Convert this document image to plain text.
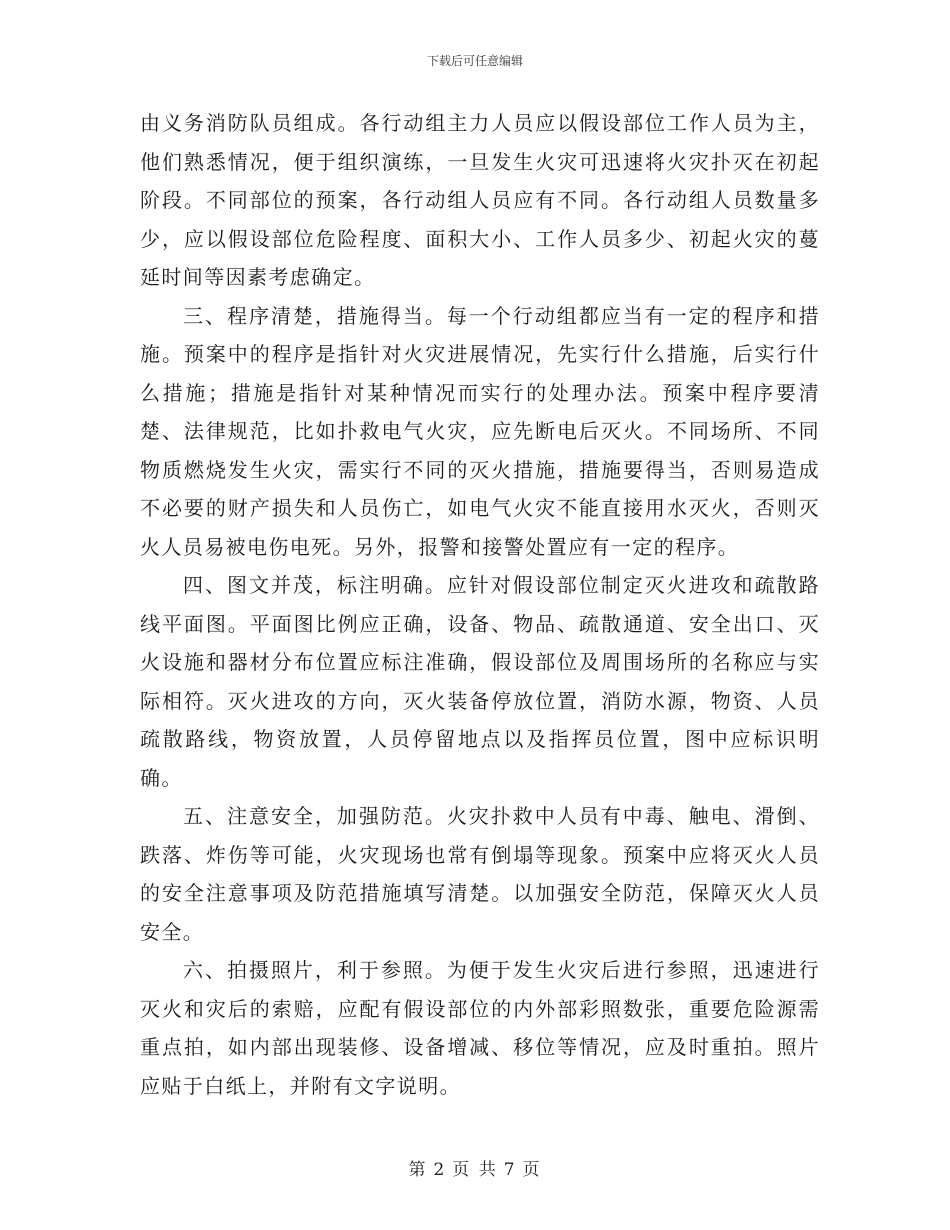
下载后可任意编辑

由义务消防队员组成。各行动组主力人员应以假设部位工作人员为主，他们熟悉情况，便于组织演练，一旦发生火灾可迅速将火灾扑灭在初起阶段。不同部位的预案，各行动组人员应有不同。各行动组人员数量多少，应以假设部位危险程度、面积大小、工作人员多少、初起火灾的蔓延时间等因素考虑确定。

三、程序清楚，措施得当。每一个行动组都应当有一定的程序和措施。预案中的程序是指针对火灾进展情况，先实行什么措施，后实行什么措施；措施是指针对某种情况而实行的处理办法。预案中程序要清楚、法律规范，比如扑救电气火灾，应先断电后灭火。不同场所、不同物质燃烧发生火灾，需实行不同的灭火措施，措施要得当，否则易造成不必要的财产损失和人员伤亡，如电气火灾不能直接用水灭火，否则灭火人员易被电伤电死。另外，报警和接警处置应有一定的程序。

四、图文并茂，标注明确。应针对假设部位制定灭火进攻和疏散路线平面图。平面图比例应正确，设备、物品、疏散通道、安全出口、灭火设施和器材分布位置应标注准确，假设部位及周围场所的名称应与实际相符。灭火进攻的方向，灭火装备停放位置，消防水源，物资、人员疏散路线，物资放置，人员停留地点以及指挥员位置，图中应标识明确。

五、注意安全，加强防范。火灾扑救中人员有中毒、触电、滑倒、跌落、炸伤等可能，火灾现场也常有倒塌等现象。预案中应将灭火人员的安全注意事项及防范措施填写清楚。以加强安全防范，保障灭火人员安全。

六、拍摄照片，利于参照。为便于发生火灾后进行参照，迅速进行灭火和灾后的索赔，应配有假设部位的内外部彩照数张，重要危险源需重点拍，如内部出现装修、设备增减、移位等情况，应及时重拍。照片应贴于白纸上，并附有文字说明。

第 2 页 共 7 页
